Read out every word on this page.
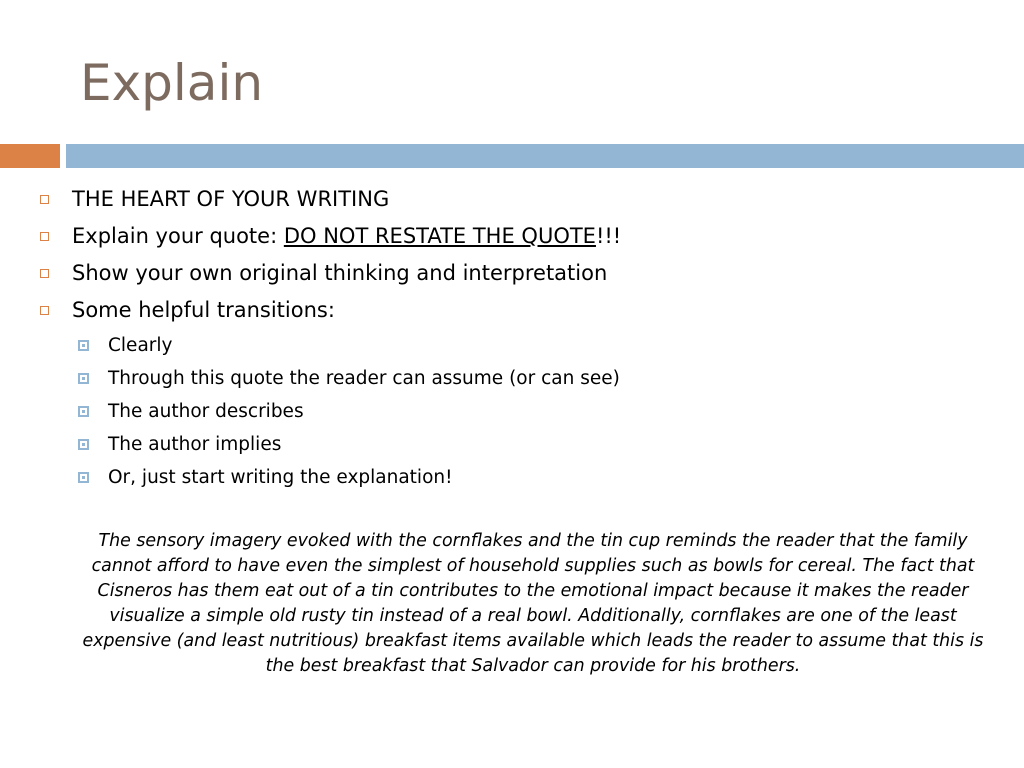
Explain
THE HEART OF YOUR WRITING
Explain your quote: DO NOT RESTATE THE QUOTE!!!
Show your own original thinking and interpretation
Some helpful transitions:
Clearly
Through this quote the reader can assume (or can see)
The author describes
The author implies
Or, just start writing the explanation!

The sensory imagery evoked with the cornflakes and the tin cup reminds the reader that the family cannot afford to have even the simplest of household supplies such as bowls for cereal. The fact that Cisneros has them eat out of a tin contributes to the emotional impact because it makes the reader visualize a simple old rusty tin instead of a real bowl. Additionally, cornflakes are one of the least expensive (and least nutritious) breakfast items available which leads the reader to assume that this is the best breakfast that Salvador can provide for his brothers.
